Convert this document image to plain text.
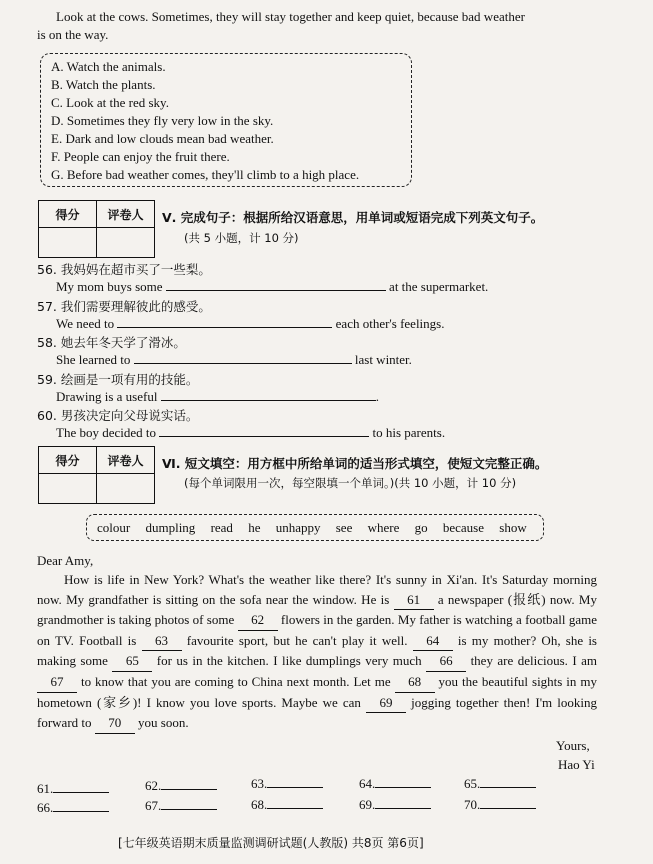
Look at the cows. Sometimes, they will stay together and keep quiet, because bad weather
is on the way.
A. Watch the animals.
B. Watch the plants.
C. Look at the red sky.
D. Sometimes they fly very low in the sky.
E. Dark and low clouds mean bad weather.
F. People can enjoy the fruit there.
G. Before bad weather comes, they'll climb to a high place.
得分	评卷人
	Ⅴ. 完成句子：根据所给汉语意思，用单词或短语完成下列英文句子。
(共 5 小题，计 10 分)
56. 我妈妈在超市买了一些梨。
My mom buys some	at the supermarket.
57. 我们需要理解彼此的感受。
We need to	each other's feelings.
58. 她去年冬天学了滑冰。
She learned to	last winter.
59. 绘画是一项有用的技能。
Drawing is a useful	.
60. 男孩决定向父母说实话。
The boy decided to	to his parents.
得分	评卷人
	Ⅵ. 短文填空：用方框中所给单词的适当形式填空，使短文完整正确。
(每个单词限用一次，每空限填一个单词。)(共 10 小题，计 10 分)
colour dumpling read he unhappy see where go because show
Dear Amy,
How is life in New York? What's the weather like there? It's sunny in Xi'an. It's Saturday morning now. My grandfather is sitting on the sofa near the window. He is 61 a newspaper (报纸) now. My grandmother is taking photos of some 62 flowers in the garden. My father is watching a football game on TV. Football is 63 favourite sport, but he can't play it well. 64 is my mother? Oh, she is making some 65 for us in the kitchen. I like dumplings very much 66 they are delicious. I am 67 to know that you are coming to China next month. Let me 68 you the beautiful sights in my hometown (家乡)! I know you love sports. Maybe we can 69 jogging together then! I'm looking forward to 70 you soon.
Yours,
Hao Yi
61.	62.	63.	64.	65.
66.	67.	68.	69.	70.
[七年级英语期末质量监测调研试题(人教版) 共8页 第6页]
